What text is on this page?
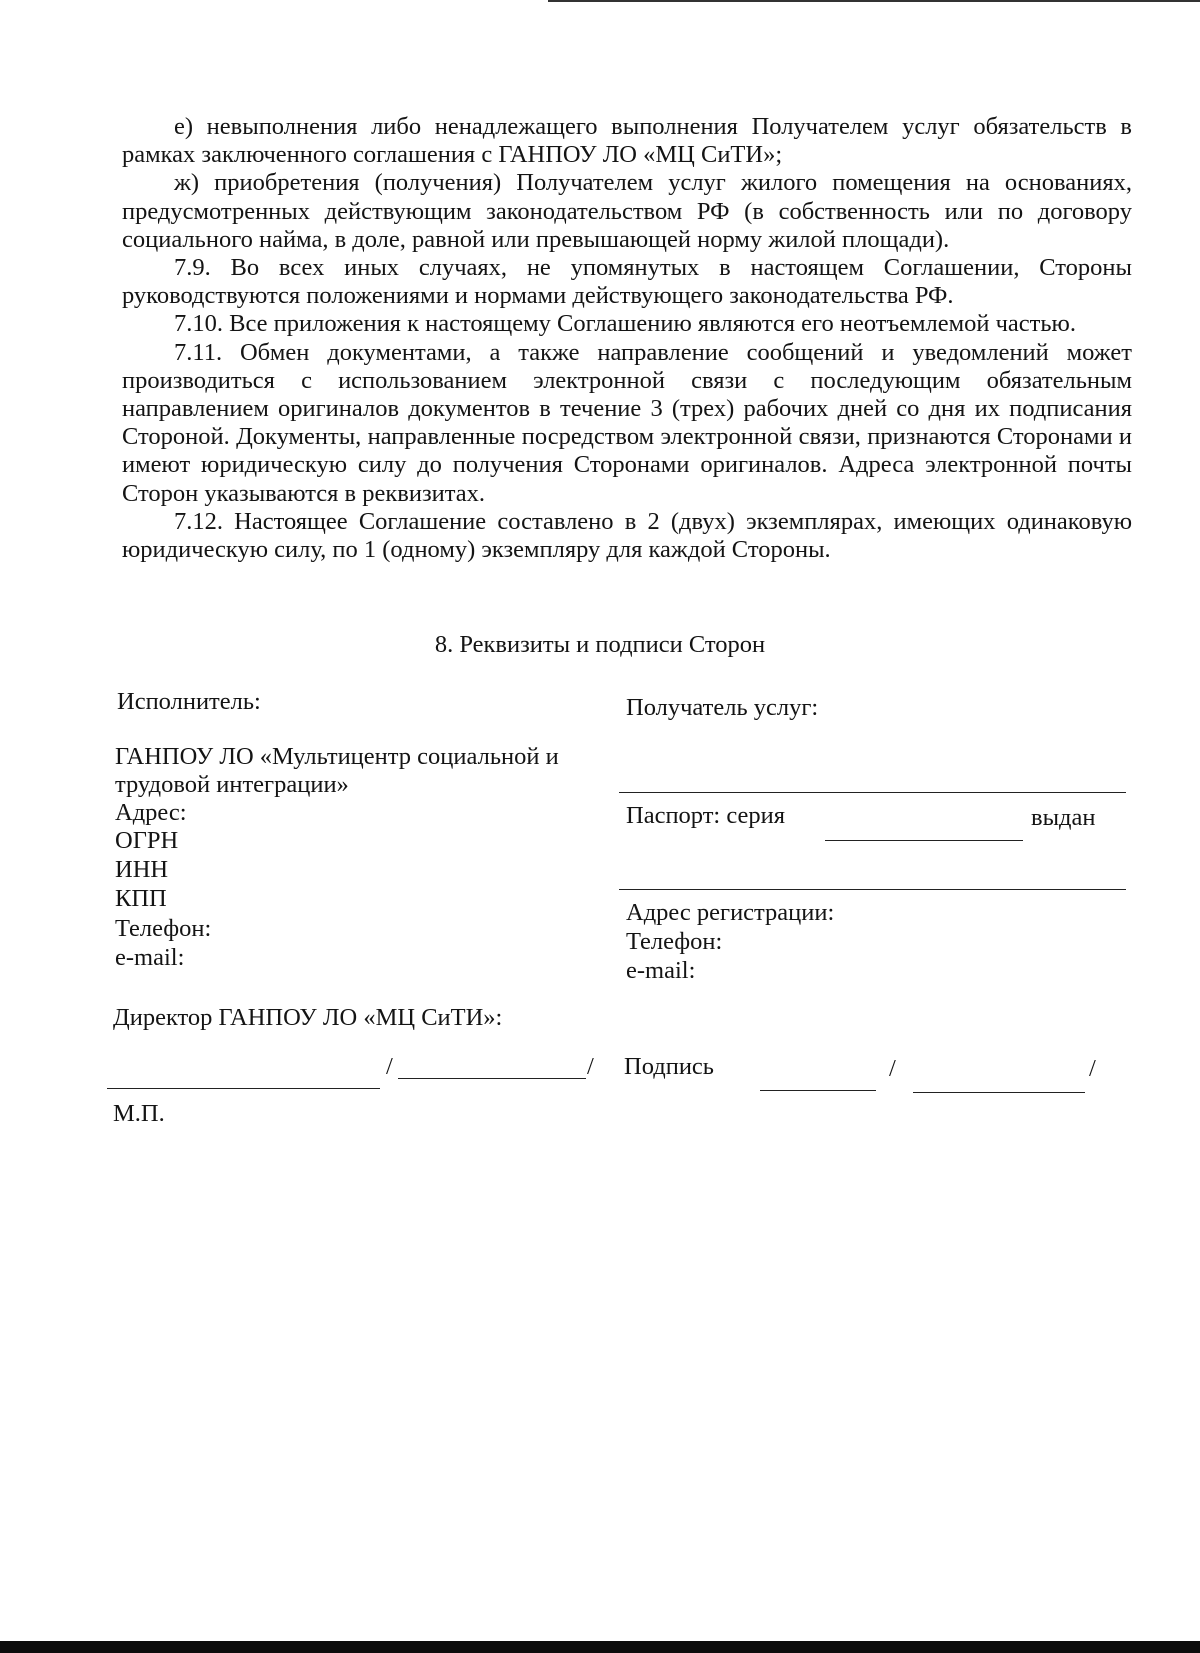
е) невыполнения либо ненадлежащего выполнения Получателем услуг обязательств в рамках заключенного соглашения с ГАНПОУ ЛО «МЦ СиТИ»;

ж) приобретения (получения) Получателем услуг жилого помещения на основаниях, предусмотренных действующим законодательством РФ (в собственность или по договору социального найма, в доле, равной или превышающей норму жилой площади).

7.9. Во всех иных случаях, не упомянутых в настоящем Соглашении, Стороны руководствуются положениями и нормами действующего законодательства РФ.

7.10. Все приложения к настоящему Соглашению являются его неотъемлемой частью.

7.11. Обмен документами, а также направление сообщений и уведомлений может производиться с использованием электронной связи с последующим обязательным направлением оригиналов документов в течение 3 (трех) рабочих дней со дня их подписания Стороной. Документы, направленные посредством электронной связи, признаются Сторонами и имеют юридическую силу до получения Сторонами оригиналов. Адреса электронной почты Сторон указываются в реквизитах.

7.12. Настоящее Соглашение составлено в 2 (двух) экземплярах, имеющих одинаковую юридическую силу, по 1 (одному) экземпляру для каждой Стороны.

8. Реквизиты и подписи Сторон
Исполнитель:
ГАНПОУ ЛО «Мультицентр социальной и
трудовой интеграции»
Адрес:
ОГРН
ИНН
КПП
Телефон:
e-mail:
Директор ГАНПОУ ЛО «МЦ СиТИ»:
/	/
М.П.
Получатель услуг:
Паспорт: серия	выдан
Адрес регистрации:
Телефон:
e-mail:
Подпись	/	/
